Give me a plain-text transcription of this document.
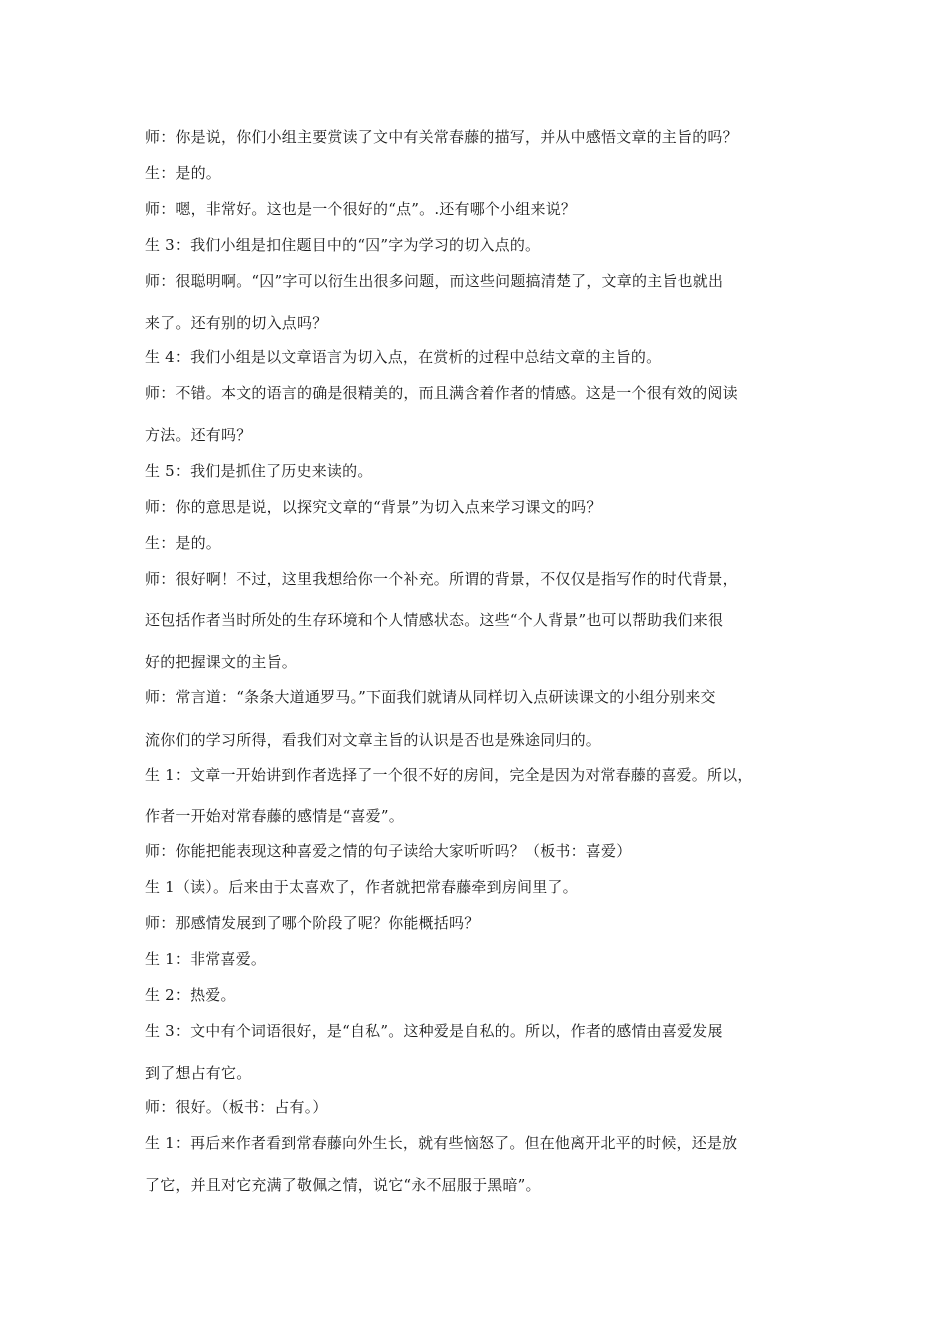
师：你是说，你们小组主要赏读了文中有关常春藤的描写，并从中感悟文章的主旨的吗？
生：是的。
师：嗯，非常好。这也是一个很好的“点”。.还有哪个小组来说？
生 3：我们小组是扣住题目中的“囚”字为学习的切入点的。
师：很聪明啊。“囚”字可以衍生出很多问题，而这些问题搞清楚了，文章的主旨也就出
来了。还有别的切入点吗？
生 4：我们小组是以文章语言为切入点，在赏析的过程中总结文章的主旨的。
师：不错。本文的语言的确是很精美的，而且满含着作者的情感。这是一个很有效的阅读
方法。还有吗？
生 5：我们是抓住了历史来读的。
师：你的意思是说，以探究文章的“背景”为切入点来学习课文的吗？
生：是的。
师：很好啊！不过，这里我想给你一个补充。所谓的背景，不仅仅是指写作的时代背景，
还包括作者当时所处的生存环境和个人情感状态。这些“个人背景”也可以帮助我们来很
好的把握课文的主旨。
师：常言道：“条条大道通罗马。”下面我们就请从同样切入点研读课文的小组分别来交
流你们的学习所得，看我们对文章主旨的认识是否也是殊途同归的。
生 1：文章一开始讲到作者选择了一个很不好的房间，完全是因为对常春藤的喜爱。所以，
作者一开始对常春藤的感情是“喜爱”。
师：你能把能表现这种喜爱之情的句子读给大家听听吗？（板书：喜爱）
生 1（读）。后来由于太喜欢了，作者就把常春藤牵到房间里了。
师：那感情发展到了哪个阶段了呢？你能概括吗？
生 1：非常喜爱。
生 2：热爱。
生 3：文中有个词语很好，是“自私”。这种爱是自私的。所以，作者的感情由喜爱发展
到了想占有它。
师：很好。（板书：占有。）
生 1：再后来作者看到常春藤向外生长，就有些恼怒了。但在他离开北平的时候，还是放
了它，并且对它充满了敬佩之情，说它“永不屈服于黑暗”。
